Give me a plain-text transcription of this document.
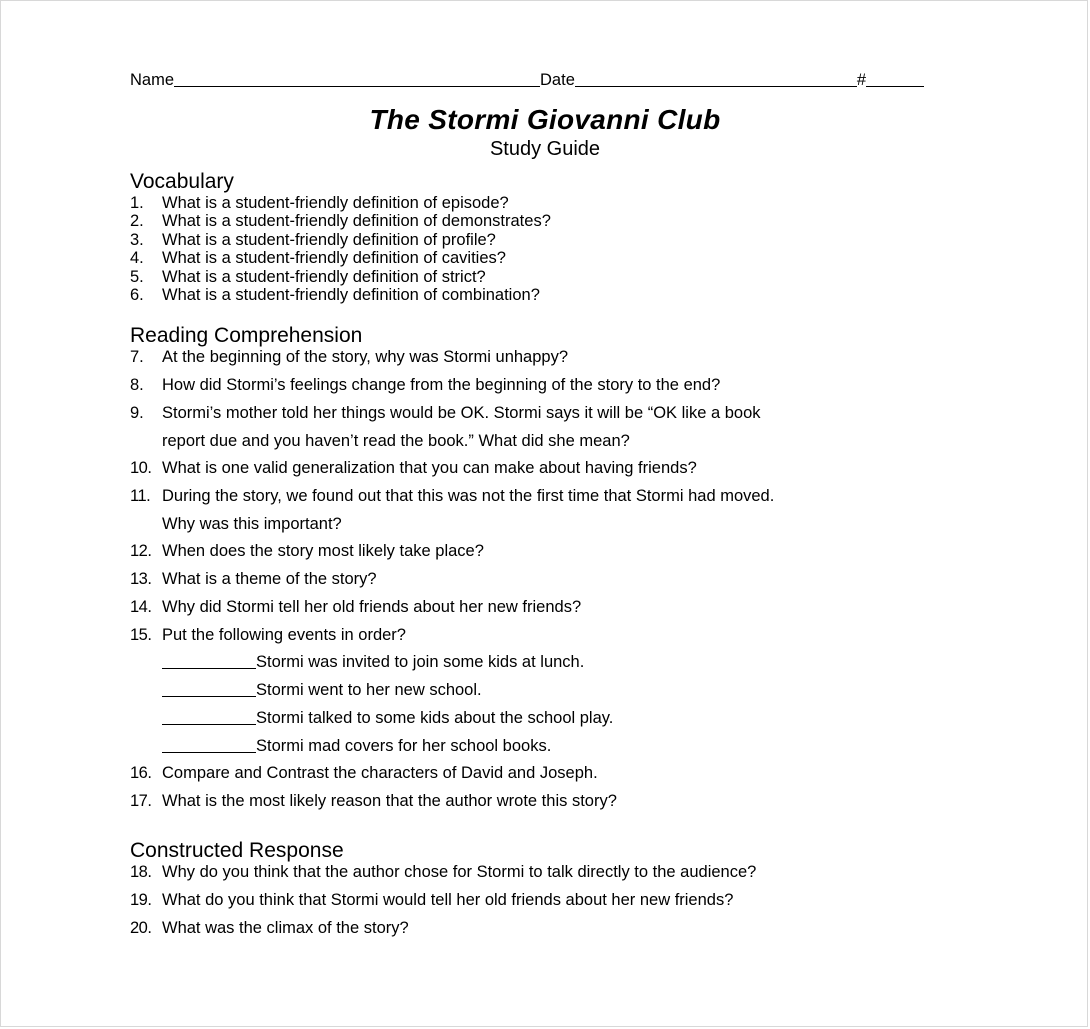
Name	Date	#
The Stormi Giovanni Club
Study Guide
Vocabulary
1. What is a student-friendly definition of episode?
2. What is a student-friendly definition of demonstrates?
3. What is a student-friendly definition of profile?
4. What is a student-friendly definition of cavities?
5. What is a student-friendly definition of strict?
6. What is a student-friendly definition of combination?
Reading Comprehension
7. At the beginning of the story, why was Stormi unhappy?
8. How did Stormi’s feelings change from the beginning of the story to the end?
9. Stormi’s mother told her things would be OK. Stormi says it will be “OK like a book
report due and you haven’t read the book.” What did she mean?
10. What is one valid generalization that you can make about having friends?
11. During the story, we found out that this was not the first time that Stormi had moved.
Why was this important?
12. When does the story most likely take place?
13. What is a theme of the story?
14. Why did Stormi tell her old friends about her new friends?
15. Put the following events in order?
Stormi was invited to join some kids at lunch.
Stormi went to her new school.
Stormi talked to some kids about the school play.
Stormi mad covers for her school books.
16. Compare and Contrast the characters of David and Joseph.
17. What is the most likely reason that the author wrote this story?
Constructed Response
18. Why do you think that the author chose for Stormi to talk directly to the audience?
19. What do you think that Stormi would tell her old friends about her new friends?
20. What was the climax of the story?
